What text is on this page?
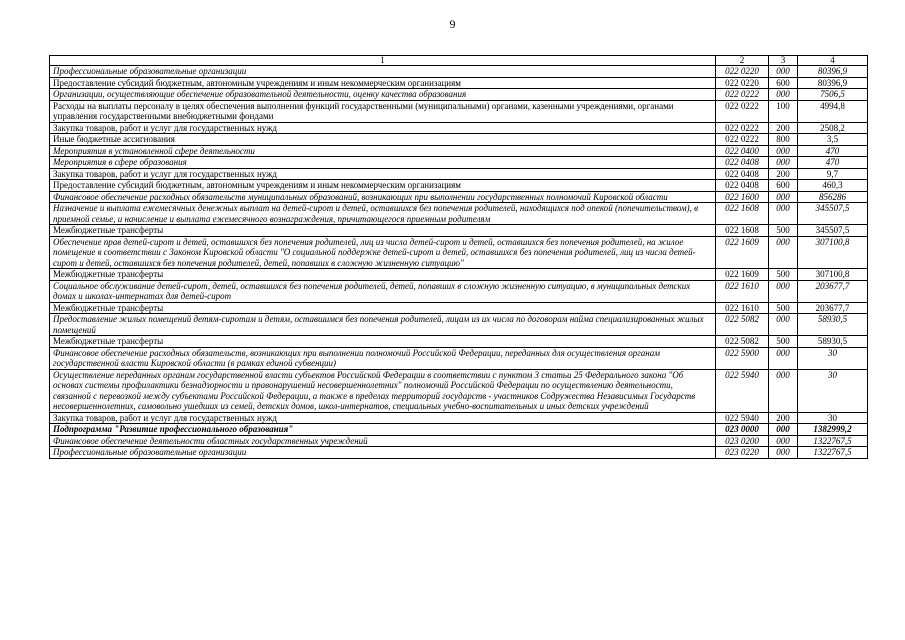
9
1	2	3	4
Профессиональные образовательные организации	022 0220	000	80396,9
Предоставление субсидий бюджетным, автономным учреждениям и иным некоммерческим организациям	022 0220	600	80396,9
Организации, осуществляющие обеспечение образовательной деятельности, оценку качества образования	022 0222	000	7506,5
Расходы на выплаты персоналу в целях обеспечения выполнения функций государственными (муниципальными) органами, казенными учреждениями, органами управления государственными внебюджетными фондами	022 0222	100	4994,8
Закупка товаров, работ и услуг для государственных нужд	022 0222	200	2508,2
Иные бюджетные ассигнования	022 0222	800	3,5
Мероприятия в установленной сфере деятельности	022 0400	000	470
Мероприятия в сфере образования	022 0408	000	470
Закупка товаров, работ и услуг для государственных нужд	022 0408	200	9,7
Предоставление субсидий бюджетным, автономным учреждениям и иным некоммерческим организациям	022 0408	600	460,3
Финансовое обеспечение расходных обязательств муниципальных образований, возникающих при выполнении государственных полномочий Кировской области	022 1600	000	856286
Назначение и выплата ежемесячных денежных выплат на детей-сирот и детей, оставшихся без попечения родителей, находящихся под опекой (попечительством), в приемной семье, и начисление и выплата ежемесячного вознаграждения, причитающегося приемным родителям	022 1608	000	345507,5
Межбюджетные трансферты	022 1608	500	345507,5
Обеспечение прав детей-сирот и детей, оставшихся без попечения родителей, лиц из числа детей-сирот и детей, оставшихся без попечения родителей, на жилое помещение в соответствии с Законом Кировской области "О социальной поддержке детей-сирот и детей, оставшихся без попечения родителей, лиц из числа детей-сирот и детей, оставшихся без попечения родителей, детей, попавших в сложную жизненную ситуацию"	022 1609	000	307100,8
Межбюджетные трансферты	022 1609	500	307100,8
Социальное обслуживание детей-сирот, детей, оставшихся без попечения родителей, детей, попавших в сложную жизненную ситуацию, в муниципальных детских домах и школах-интернатах для детей-сирот	022 1610	000	203677,7
Межбюджетные трансферты	022 1610	500	203677,7
Предоставление жилых помещений детям-сиротам и детям, оставшимся без попечения родителей, лицам из их числа по договорам найма специализированных жилых помещений	022 5082	000	58930,5
Межбюджетные трансферты	022 5082	500	58930,5
Финансовое обеспечение расходных обязательств, возникающих при выполнении полномочий Российской Федерации, переданных для осуществления органам государственной власти Кировской области (в рамках единой субвенции)	022 5900	000	30
Осуществление переданных органам государственной власти субъектов Российской Федерации в соответствии с пунктом 3 статьи 25 Федерального закона "Об основах системы профилактики безнадзорности и правонарушений несовершеннолетних" полномочий Российской Федерации по осуществлению деятельности, связанной с перевозкой между субъектами Российской Федерации, а также в пределах территорий государств - участников Содружества Независимых Государств несовершеннолетних, самовольно ушедших из семей, детских домов, школ-интернатов, специальных учебно-воспитательных и иных детских учреждений	022 5940	000	30
Закупка товаров, работ и услуг для государственных нужд	022 5940	200	30
Подпрограмма "Развитие профессионального образования"	023 0000	000	1382999,2
Финансовое обеспечение деятельности областных государственных учреждений	023 0200	000	1322767,5
Профессиональные образовательные организации	023 0220	000	1322767,5
